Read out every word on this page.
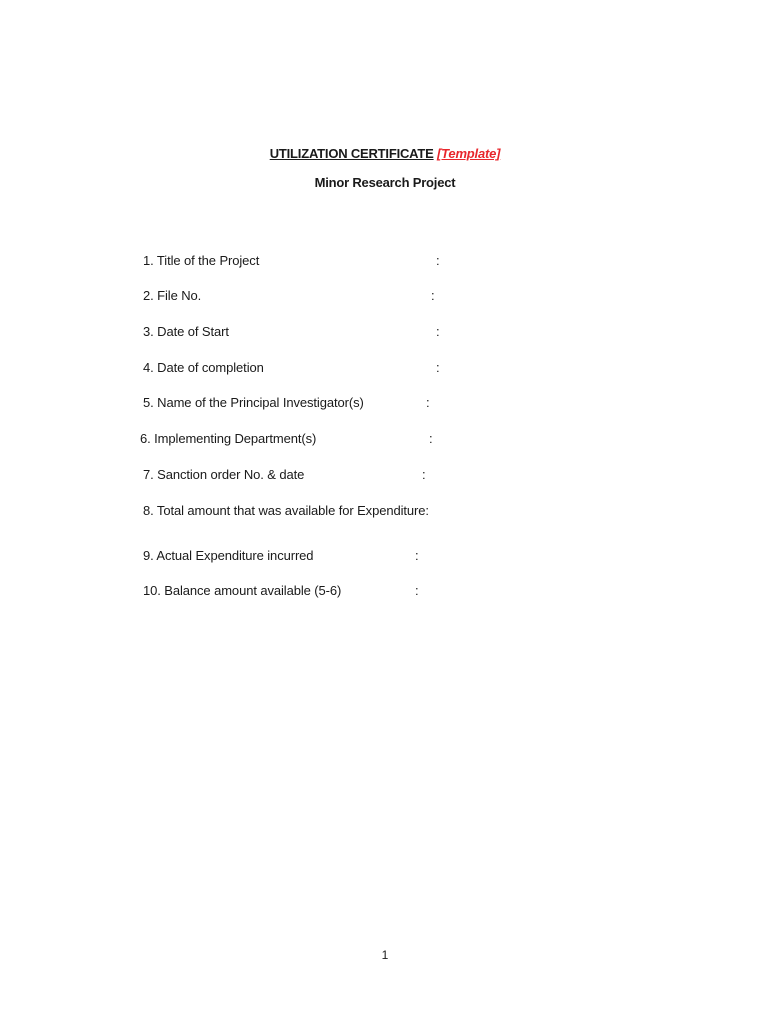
UTILIZATION CERTIFICATE [Template]
Minor Research Project
1. Title of the Project	:
2. File No.	:
3. Date of Start	:
4. Date of completion	:
5. Name of the Principal Investigator(s)	:
6. Implementing Department(s)	:
7. Sanction order No. & date	:
8. Total amount that was available for Expenditure:
9. Actual Expenditure incurred	:
10. Balance amount available (5-6)	:
1
